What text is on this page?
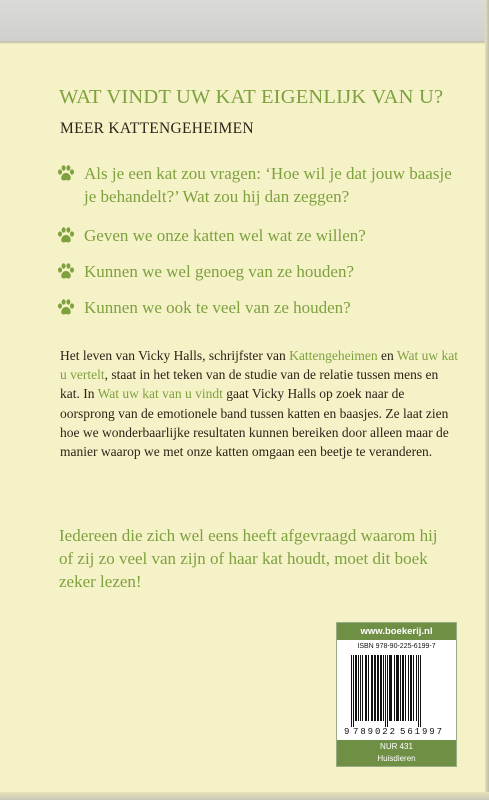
WAT VINDT UW KAT EIGENLIJK VAN U?
MEER KATTENGEHEIMEN
Als je een kat zou vragen: ‘Hoe wil je dat jouw baasje je behandelt?’ Wat zou hij dan zeggen?
Geven we onze katten wel wat ze willen?
Kunnen we wel genoeg van ze houden?
Kunnen we ook te veel van ze houden?

Het leven van Vicky Halls, schrijfster van Kattengeheimen en Wat uw kat u vertelt, staat in het teken van de studie van de relatie tussen mens en kat. In Wat uw kat van u vindt gaat Vicky Halls op zoek naar de oorsprong van de emotionele band tussen katten en baasjes. Ze laat zien hoe we wonderbaarlijke resultaten kunnen bereiken door alleen maar de manier waarop we met onze katten omgaan een beetje te veranderen.

Iedereen die zich wel eens heeft afgevraagd waarom hij of zij zo veel van zijn of haar kat houdt, moet dit boek zeker lezen!

www.boekerij.nl
ISBN 978-90-225-6199-7
9 789022 561997
NUR 431
Huisdieren
